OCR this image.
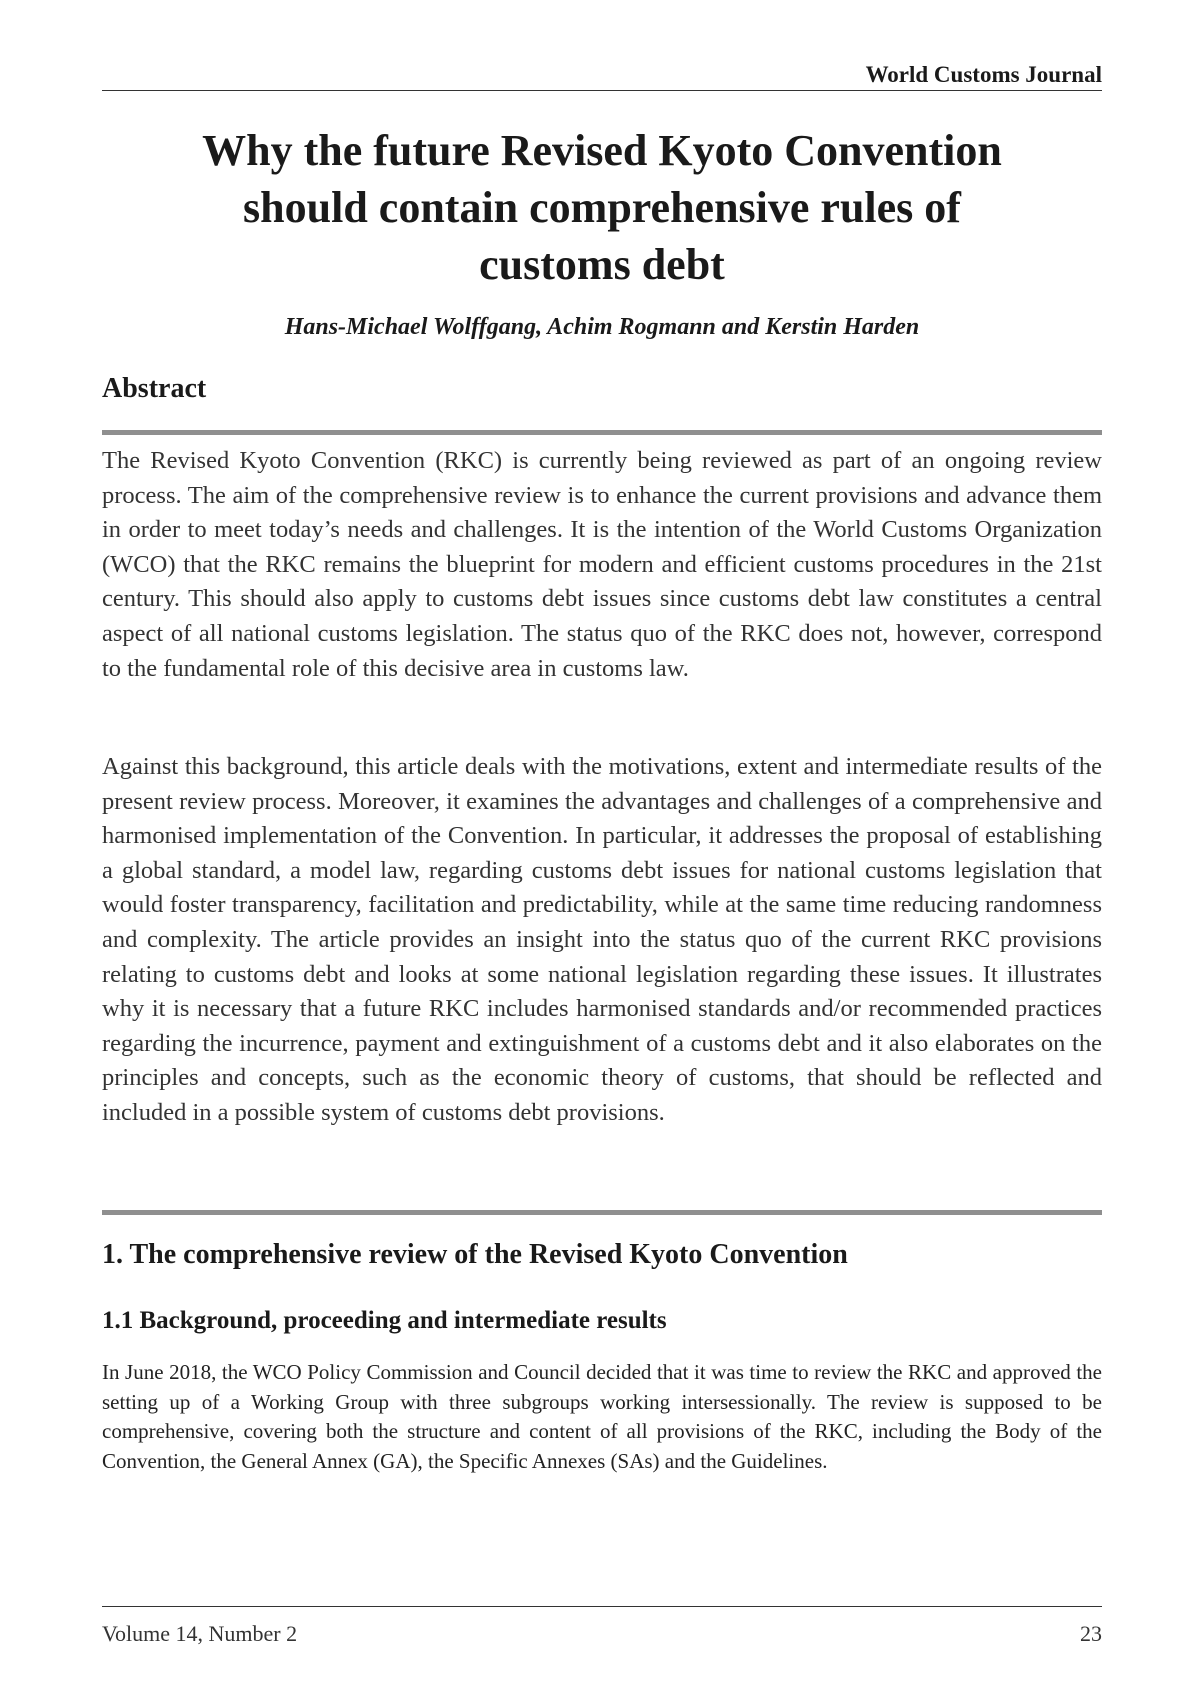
World Customs Journal
Why the future Revised Kyoto Convention
should contain comprehensive rules of
customs debt
Hans-Michael Wolffgang, Achim Rogmann and Kerstin Harden
Abstract

The Revised Kyoto Convention (RKC) is currently being reviewed as part of an ongoing review process. The aim of the comprehensive review is to enhance the current provisions and advance them in order to meet today’s needs and challenges. It is the intention of the World Customs Organization (WCO) that the RKC remains the blueprint for modern and efficient customs procedures in the 21st century. This should also apply to customs debt issues since customs debt law constitutes a central aspect of all national customs legislation. The status quo of the RKC does not, however, correspond to the fundamental role of this decisive area in customs law.

Against this background, this article deals with the motivations, extent and intermediate results of the present review process. Moreover, it examines the advantages and challenges of a comprehensive and harmonised implementation of the Convention. In particular, it addresses the proposal of establishing a global standard, a model law, regarding customs debt issues for national customs legislation that would foster transparency, facilitation and predictability, while at the same time reducing randomness and complexity. The article provides an insight into the status quo of the current RKC provisions relating to customs debt and looks at some national legislation regarding these issues. It illustrates why it is necessary that a future RKC includes harmonised standards and/or recommended practices regarding the incurrence, payment and extinguishment of a customs debt and it also elaborates on the principles and concepts, such as the economic theory of customs, that should be reflected and included in a possible system of customs debt provisions.

1. The comprehensive review of the Revised Kyoto Convention
1.1 Background, proceeding and intermediate results

In June 2018, the WCO Policy Commission and Council decided that it was time to review the RKC and approved the setting up of a Working Group with three subgroups working intersessionally. The review is supposed to be comprehensive, covering both the structure and content of all provisions of the RKC, including the Body of the Convention, the General Annex (GA), the Specific Annexes (SAs) and the Guidelines.

Volume 14, Number 2	23
